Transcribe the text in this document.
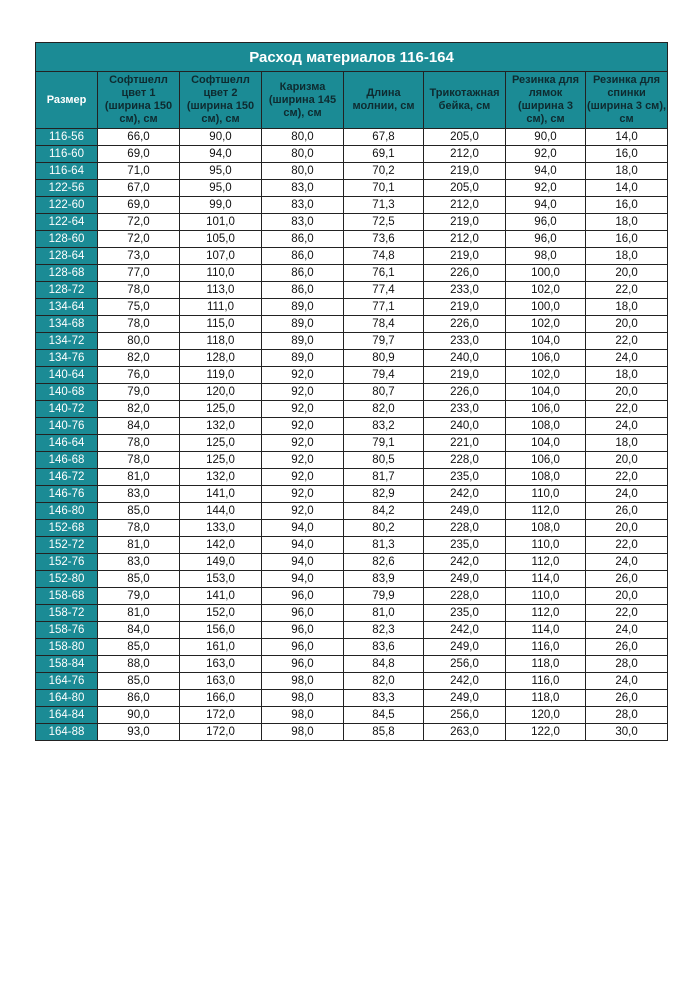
Расход материалов 116-164							
Размер	Софтшелл цвет 1 (ширина 150 см), см	Софтшелл цвет 2 (ширина 150 см), см	Каризма (ширина 145 см), см	Длина молнии, см	Трикотажная бейка, см	Резинка для лямок (ширина 3 см), см	Резинка для спинки (ширина 3 см), см
116-56	66,0	90,0	80,0	67,8	205,0	90,0	14,0
116-60	69,0	94,0	80,0	69,1	212,0	92,0	16,0
116-64	71,0	95,0	80,0	70,2	219,0	94,0	18,0
122-56	67,0	95,0	83,0	70,1	205,0	92,0	14,0
122-60	69,0	99,0	83,0	71,3	212,0	94,0	16,0
122-64	72,0	101,0	83,0	72,5	219,0	96,0	18,0
128-60	72,0	105,0	86,0	73,6	212,0	96,0	16,0
128-64	73,0	107,0	86,0	74,8	219,0	98,0	18,0
128-68	77,0	110,0	86,0	76,1	226,0	100,0	20,0
128-72	78,0	113,0	86,0	77,4	233,0	102,0	22,0
134-64	75,0	111,0	89,0	77,1	219,0	100,0	18,0
134-68	78,0	115,0	89,0	78,4	226,0	102,0	20,0
134-72	80,0	118,0	89,0	79,7	233,0	104,0	22,0
134-76	82,0	128,0	89,0	80,9	240,0	106,0	24,0
140-64	76,0	119,0	92,0	79,4	219,0	102,0	18,0
140-68	79,0	120,0	92,0	80,7	226,0	104,0	20,0
140-72	82,0	125,0	92,0	82,0	233,0	106,0	22,0
140-76	84,0	132,0	92,0	83,2	240,0	108,0	24,0
146-64	78,0	125,0	92,0	79,1	221,0	104,0	18,0
146-68	78,0	125,0	92,0	80,5	228,0	106,0	20,0
146-72	81,0	132,0	92,0	81,7	235,0	108,0	22,0
146-76	83,0	141,0	92,0	82,9	242,0	110,0	24,0
146-80	85,0	144,0	92,0	84,2	249,0	112,0	26,0
152-68	78,0	133,0	94,0	80,2	228,0	108,0	20,0
152-72	81,0	142,0	94,0	81,3	235,0	110,0	22,0
152-76	83,0	149,0	94,0	82,6	242,0	112,0	24,0
152-80	85,0	153,0	94,0	83,9	249,0	114,0	26,0
158-68	79,0	141,0	96,0	79,9	228,0	110,0	20,0
158-72	81,0	152,0	96,0	81,0	235,0	112,0	22,0
158-76	84,0	156,0	96,0	82,3	242,0	114,0	24,0
158-80	85,0	161,0	96,0	83,6	249,0	116,0	26,0
158-84	88,0	163,0	96,0	84,8	256,0	118,0	28,0
164-76	85,0	163,0	98,0	82,0	242,0	116,0	24,0
164-80	86,0	166,0	98,0	83,3	249,0	118,0	26,0
164-84	90,0	172,0	98,0	84,5	256,0	120,0	28,0
164-88	93,0	172,0	98,0	85,8	263,0	122,0	30,0
